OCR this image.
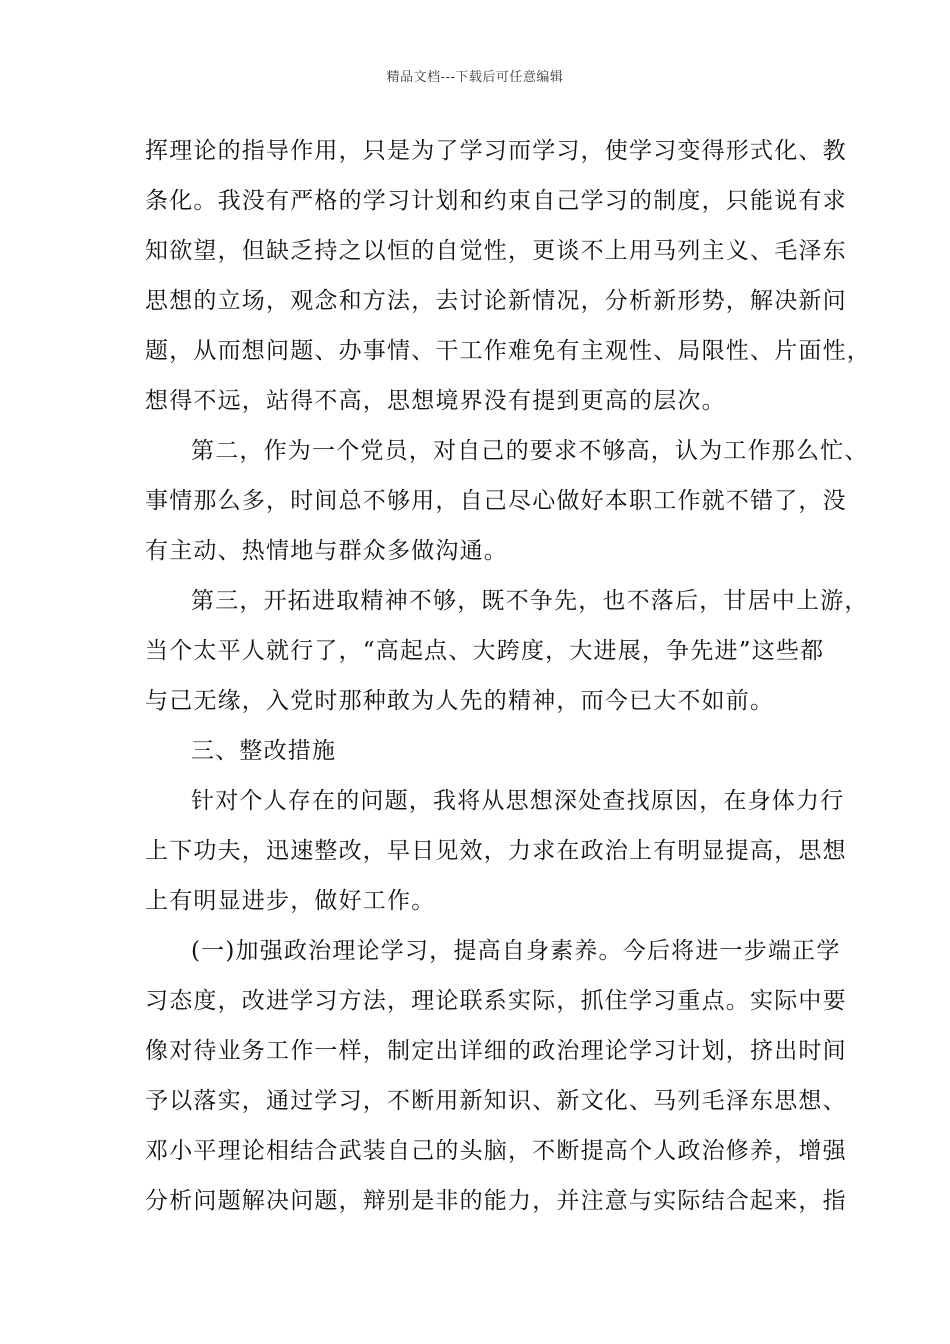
精品文档---下载后可任意编辑
挥理论的指导作用，只是为了学习而学习，使学习变得形式化、教
条化。我没有严格的学习计划和约束自己学习的制度，只能说有求
知欲望，但缺乏持之以恒的自觉性，更谈不上用马列主义、毛泽东
思想的立场，观念和方法，去讨论新情况，分析新形势，解决新问
题，从而想问题、办事情、干工作难免有主观性、局限性、片面性，
想得不远，站得不高，思想境界没有提到更高的层次。
第二，作为一个党员，对自己的要求不够高，认为工作那么忙、
事情那么多，时间总不够用，自己尽心做好本职工作就不错了，没
有主动、热情地与群众多做沟通。
第三，开拓进取精神不够，既不争先，也不落后，甘居中上游，
当个太平人就行了，“高起点、大跨度，大进展，争先进”这些都
与己无缘，入党时那种敢为人先的精神，而今已大不如前。
三、整改措施
针对个人存在的问题，我将从思想深处查找原因，在身体力行
上下功夫，迅速整改，早日见效，力求在政治上有明显提高，思想
上有明显进步，做好工作。
(一)加强政治理论学习，提高自身素养。今后将进一步端正学
习态度，改进学习方法，理论联系实际，抓住学习重点。实际中要
像对待业务工作一样，制定出详细的政治理论学习计划，挤出时间
予以落实，通过学习，不断用新知识、新文化、马列毛泽东思想、
邓小平理论相结合武装自己的头脑，不断提高个人政治修养，增强
分析问题解决问题，辩别是非的能力，并注意与实际结合起来，指
